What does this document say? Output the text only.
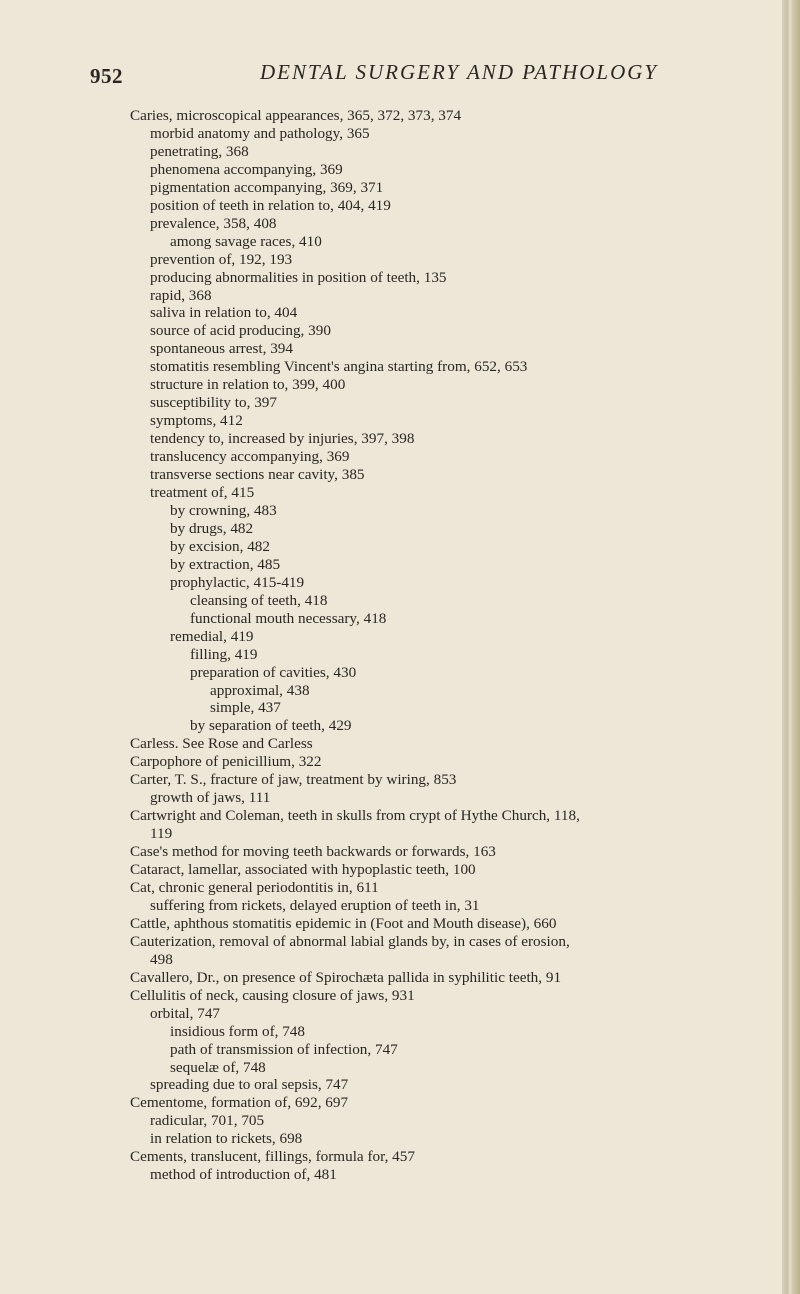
952	DENTAL SURGERY AND PATHOLOGY
Caries, microscopical appearances, 365, 372, 373, 374
morbid anatomy and pathology, 365
penetrating, 368
phenomena accompanying, 369
pigmentation accompanying, 369, 371
position of teeth in relation to, 404, 419
prevalence, 358, 408
among savage races, 410
prevention of, 192, 193
producing abnormalities in position of teeth, 135
rapid, 368
saliva in relation to, 404
source of acid producing, 390
spontaneous arrest, 394
stomatitis resembling Vincent's angina starting from, 652, 653
structure in relation to, 399, 400
susceptibility to, 397
symptoms, 412
tendency to, increased by injuries, 397, 398
translucency accompanying, 369
transverse sections near cavity, 385
treatment of, 415
by crowning, 483
by drugs, 482
by excision, 482
by extraction, 485
prophylactic, 415-419
cleansing of teeth, 418
functional mouth necessary, 418
remedial, 419
filling, 419
preparation of cavities, 430
approximal, 438
simple, 437
by separation of teeth, 429
Carless. See Rose and Carless
Carpophore of penicillium, 322
Carter, T. S., fracture of jaw, treatment by wiring, 853
growth of jaws, 111
Cartwright and Coleman, teeth in skulls from crypt of Hythe Church, 118,
119
Case's method for moving teeth backwards or forwards, 163
Cataract, lamellar, associated with hypoplastic teeth, 100
Cat, chronic general periodontitis in, 611
suffering from rickets, delayed eruption of teeth in, 31
Cattle, aphthous stomatitis epidemic in (Foot and Mouth disease), 660
Cauterization, removal of abnormal labial glands by, in cases of erosion,
498
Cavallero, Dr., on presence of Spirochæta pallida in syphilitic teeth, 91
Cellulitis of neck, causing closure of jaws, 931
orbital, 747
insidious form of, 748
path of transmission of infection, 747
sequelæ of, 748
spreading due to oral sepsis, 747
Cementome, formation of, 692, 697
radicular, 701, 705
in relation to rickets, 698
Cements, translucent, fillings, formula for, 457
method of introduction of, 481
